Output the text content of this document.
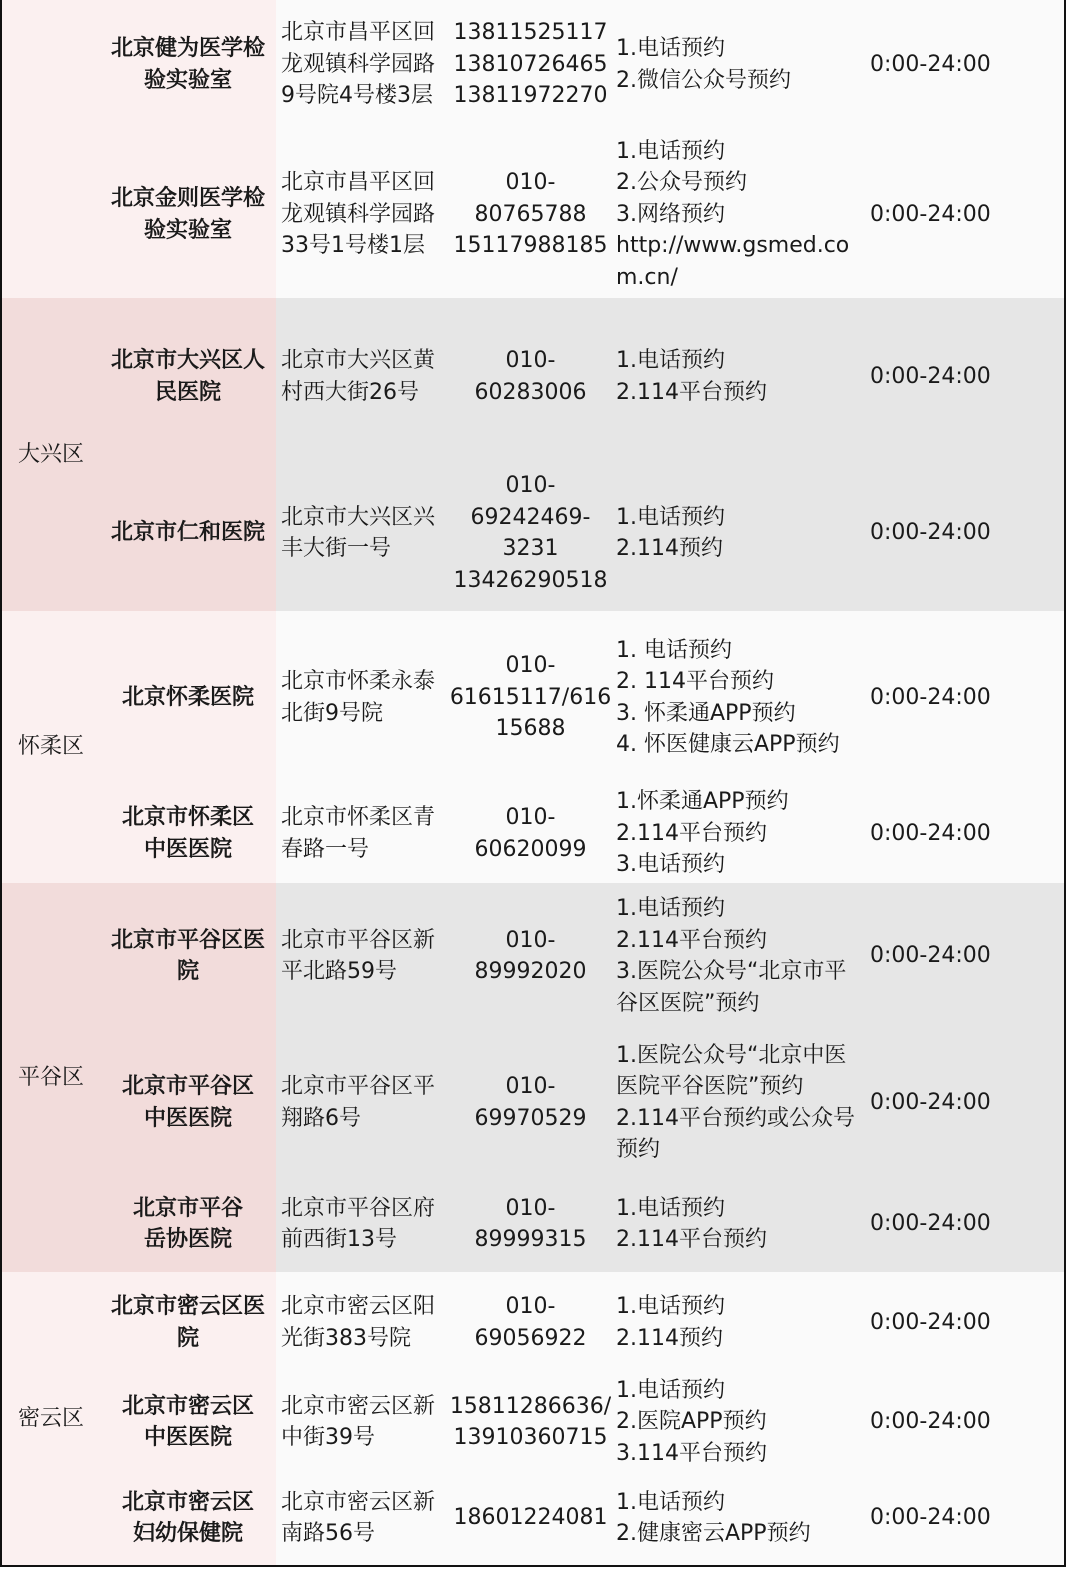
北京健为医学检
验实验室
北京市昌平区回
龙观镇科学园路
9号院4号楼3层
13811525117
13810726465
13811972270
1.电话预约
2.微信公众号预约
0:00-24:00
北京金则医学检
验实验室
北京市昌平区回
龙观镇科学园路
33号1号楼1层
010-80765788
15117988185
1.电话预约
2.公众号预约
3.网络预约
http://www.gsmed.co
m.cn/
0:00-24:00
大兴区
北京市大兴区人
民医院
北京市大兴区黄
村西大街26号
010-60283006
1.电话预约
2.114平台预约
0:00-24:00
北京市仁和医院
北京市大兴区兴
丰大街一号
010-
69242469-
3231
13426290518
1.电话预约
2.114预约
0:00-24:00
怀柔区
北京怀柔医院
北京市怀柔永泰
北街9号院
010-
61615117/616
15688
1. 电话预约
2. 114平台预约
3. 怀柔通APP预约
4. 怀医健康云APP预约
0:00-24:00
北京市怀柔区
中医医院
北京市怀柔区青
春路一号
010-60620099
1.怀柔通APP预约
2.114平台预约
3.电话预约
0:00-24:00
平谷区
北京市平谷区医
院
北京市平谷区新
平北路59号
010-89992020
1.电话预约
2.114平台预约
3.医院公众号“北京市平
谷区医院”预约
0:00-24:00
北京市平谷区
中医医院
北京市平谷区平
翔路6号
010-69970529
1.医院公众号“北京中医
医院平谷医院”预约
2.114平台预约或公众号
预约
0:00-24:00
北京市平谷
岳协医院
北京市平谷区府
前西街13号
010-89999315
1.电话预约
2.114平台预约
0:00-24:00
密云区
北京市密云区医
院
北京市密云区阳
光街383号院
010-69056922
1.电话预约
2.114预约
0:00-24:00
北京市密云区
中医医院
北京市密云区新
中街39号
15811286636/
13910360715
1.电话预约
2.医院APP预约
3.114平台预约
0:00-24:00
北京市密云区
妇幼保健院
北京市密云区新
南路56号
18601224081
1.电话预约
2.健康密云APP预约
0:00-24:00
